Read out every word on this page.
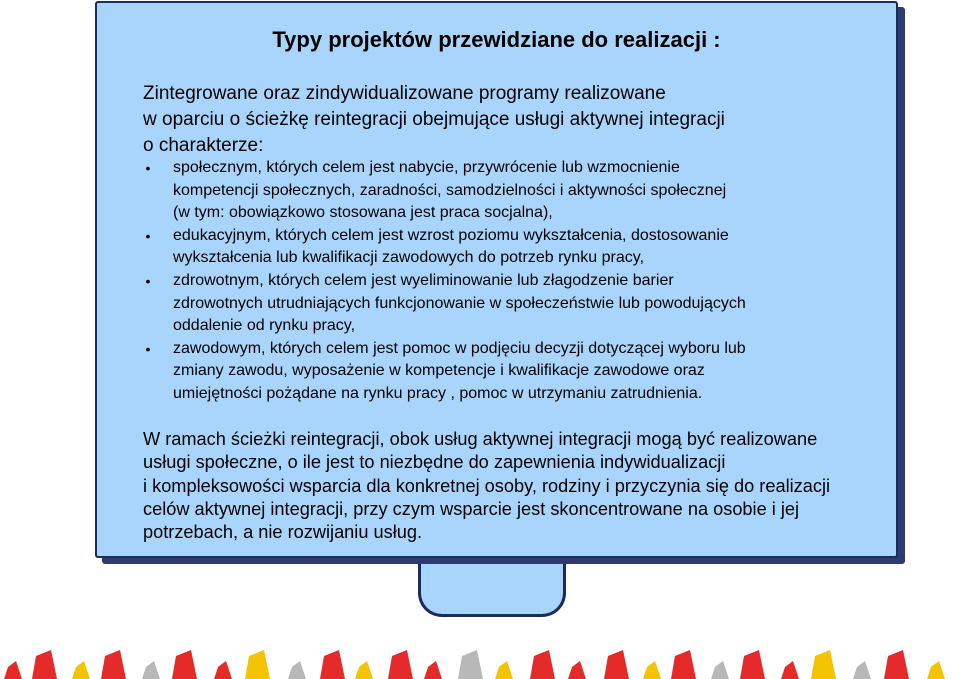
Typy projektów przewidziane do realizacji :
Zintegrowane oraz zindywidualizowane programy realizowane
w oparciu o ścieżkę reintegracji obejmujące usługi aktywnej integracji
o charakterze:
• społecznym, których celem jest nabycie, przywrócenie lub wzmocnienie
kompetencji społecznych, zaradności, samodzielności i aktywności społecznej
(w tym: obowiązkowo stosowana jest praca socjalna),
• edukacyjnym, których celem jest wzrost poziomu wykształcenia, dostosowanie
wykształcenia lub kwalifikacji zawodowych do potrzeb rynku pracy,
• zdrowotnym, których celem jest wyeliminowanie lub złagodzenie barier
zdrowotnych utrudniających funkcjonowanie w społeczeństwie lub powodujących
oddalenie od rynku pracy,
• zawodowym, których celem jest pomoc w podjęciu decyzji dotyczącej wyboru lub
zmiany zawodu, wyposażenie w kompetencje i kwalifikacje zawodowe oraz
umiejętności pożądane na rynku pracy , pomoc w utrzymaniu zatrudnienia.
W ramach ścieżki reintegracji, obok usług aktywnej integracji mogą być realizowane
usługi społeczne, o ile jest to niezbędne do zapewnienia indywidualizacji
i kompleksowości wsparcia dla konkretnej osoby, rodziny i przyczynia się do realizacji
celów aktywnej integracji, przy czym wsparcie jest skoncentrowane na osobie i jej
potrzebach, a nie rozwijaniu usług.
